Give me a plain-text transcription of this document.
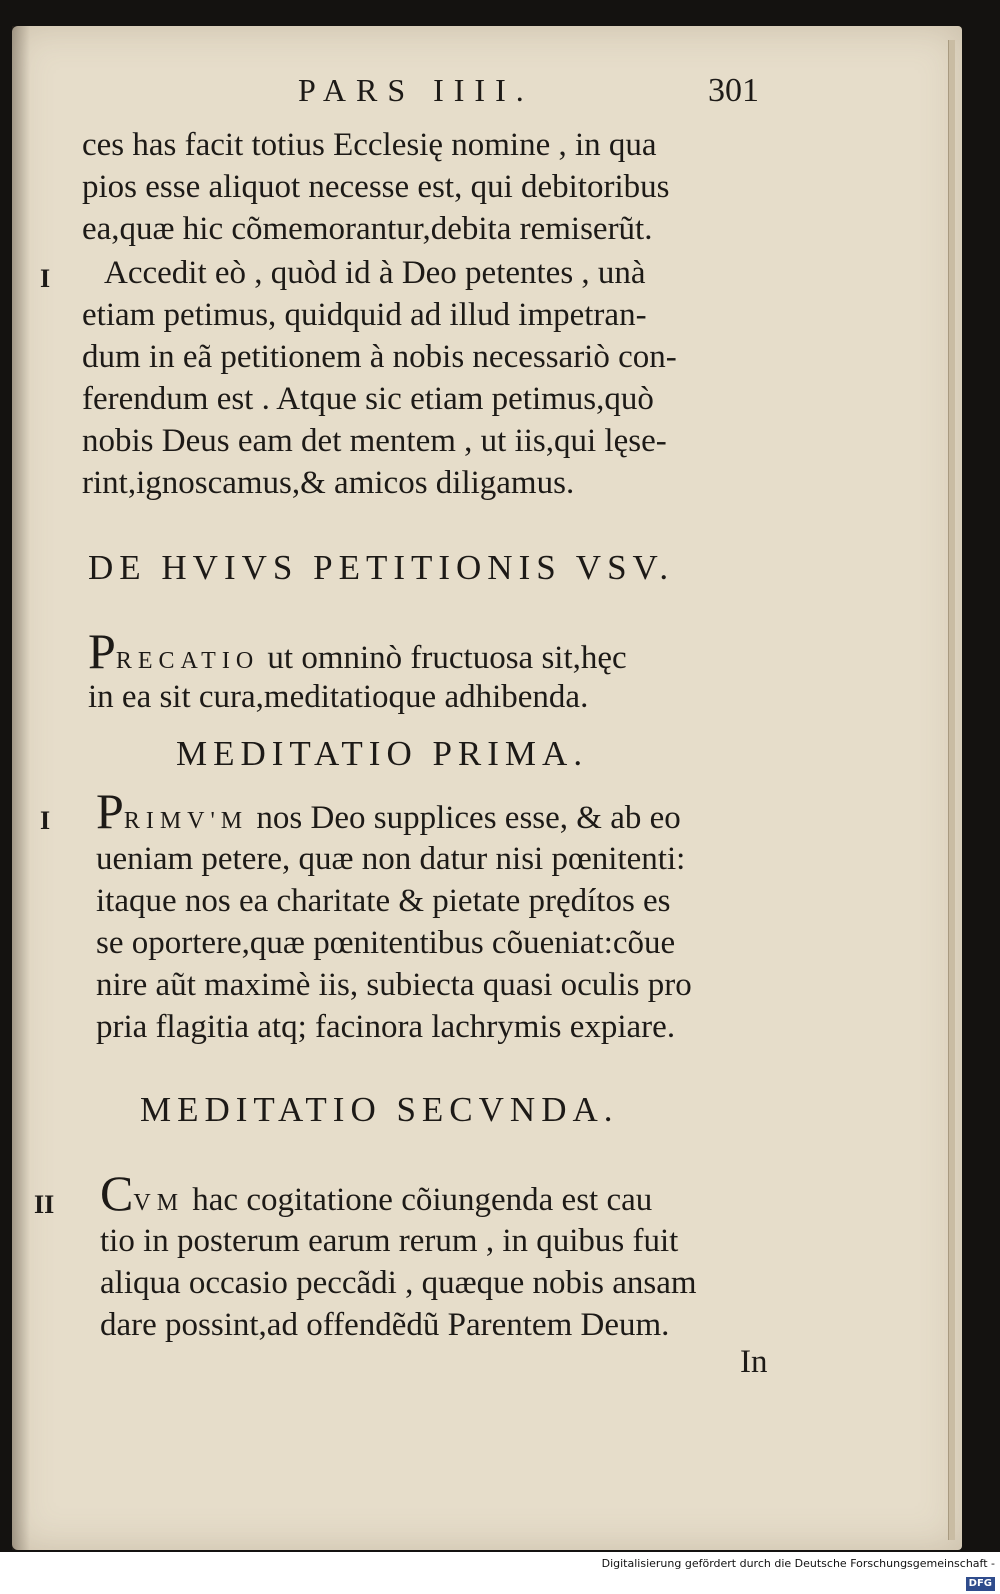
PARS IIII.	301
ces has facit totius Ecclesię nomine , in qua
pios esse aliquot necesse est, qui debitoribus
ea,quæ hic cõmemorantur,debita remiserũt.
I Accedit eò , quòd id à Deo petentes , unà
etiam petimus, quidquid ad illud impetran-
dum in eã petitionem à nobis necessariò con-
ferendum est . Atque sic etiam petimus,quò
nobis Deus eam det mentem , ut iis,qui lęse-
rint,ignoscamus,& amicos diligamus.
DE HVIVS PETITIONIS VSV.
PRECATIO ut omninò fructuosa sit,hęc
in ea sit cura,meditatioque adhibenda.
MEDITATIO PRIMA.
I PRIMV'M nos Deo supplices esse, & ab eo
ueniam petere, quæ non datur nisi pœnitenti:
itaque nos ea charitate & pietate prędítos es
se oportere,quæ pœnitentibus cõueniat:cõue
nire aũt maximè iis, subiecta quasi oculis pro
pria flagitia atq; facinora lachrymis expiare.
MEDITATIO SECVNDA.
II CVM hac cogitatione cõiungenda est cau
tio in posterum earum rerum , in quibus fuit
aliqua occasio peccãdi , quæque nobis ansam
dare possint,ad offendẽdũ Parentem Deum.
In
Digitalisierung gefördert durch die Deutsche Forschungsgemeinschaft -DFG
